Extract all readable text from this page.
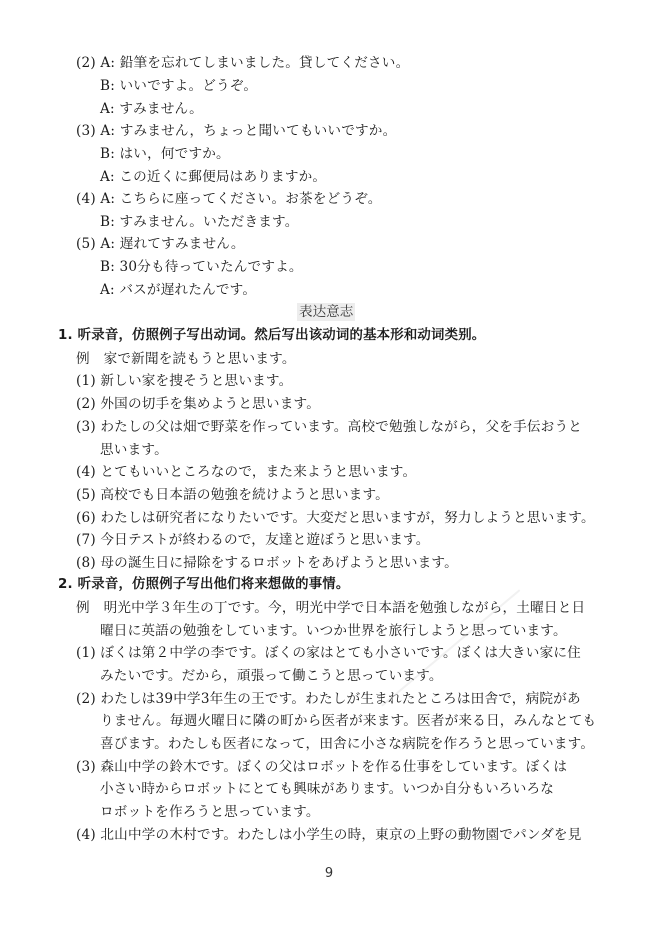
(2) A: 鉛筆を忘れてしまいました。貸してください。
B: いいですよ。どうぞ。
A: すみません。
(3) A: すみません，ちょっと聞いてもいいですか。
B: はい，何ですか。
A: この近くに郵便局はありますか。
(4) A: こちらに座ってください。お茶をどうぞ。
B: すみません。いただきます。
(5) A: 遅れてすみません。
B: 30分も待っていたんですよ。
A: バスが遅れたんです。
表达意志
1. 听录音，仿照例子写出动词。然后写出该动词的基本形和动词类别。
例　家で新聞を読もうと思います。
(1) 新しい家を捜そうと思います。
(2) 外国の切手を集めようと思います。
(3) わたしの父は畑で野菜を作っています。高校で勉強しながら，父を手伝おうと
思います。
(4) とてもいいところなので，また来ようと思います。
(5) 高校でも日本語の勉強を続けようと思います。
(6) わたしは研究者になりたいです。大変だと思いますが，努力しようと思います。
(7) 今日テストが終わるので，友達と遊ぼうと思います。
(8) 母の誕生日に掃除をするロボットをあげようと思います。
2. 听录音，仿照例子写出他们将来想做的事情。
例　明光中学３年生の丁です。今，明光中学で日本語を勉強しながら，土曜日と日
曜日に英語の勉強をしています。いつか世界を旅行しようと思っています。
(1) ぼくは第２中学の李です。ぼくの家はとても小さいです。ぼくは大きい家に住
みたいです。だから，頑張って働こうと思っています。
(2) わたしは39中学3年生の王です。わたしが生まれたところは田舎で，病院があ
りません。毎週火曜日に隣の町から医者が来ます。医者が来る日，みんなとても
喜びます。わたしも医者になって，田舎に小さな病院を作ろうと思っています。
(3) 森山中学の鈴木です。ぼくの父はロボットを作る仕事をしています。ぼくは
小さい時からロボットにとても興味があります。いつか自分もいろいろな
ロボットを作ろうと思っています。
(4) 北山中学の木村です。わたしは小学生の時，東京の上野の動物園でパンダを見
9
